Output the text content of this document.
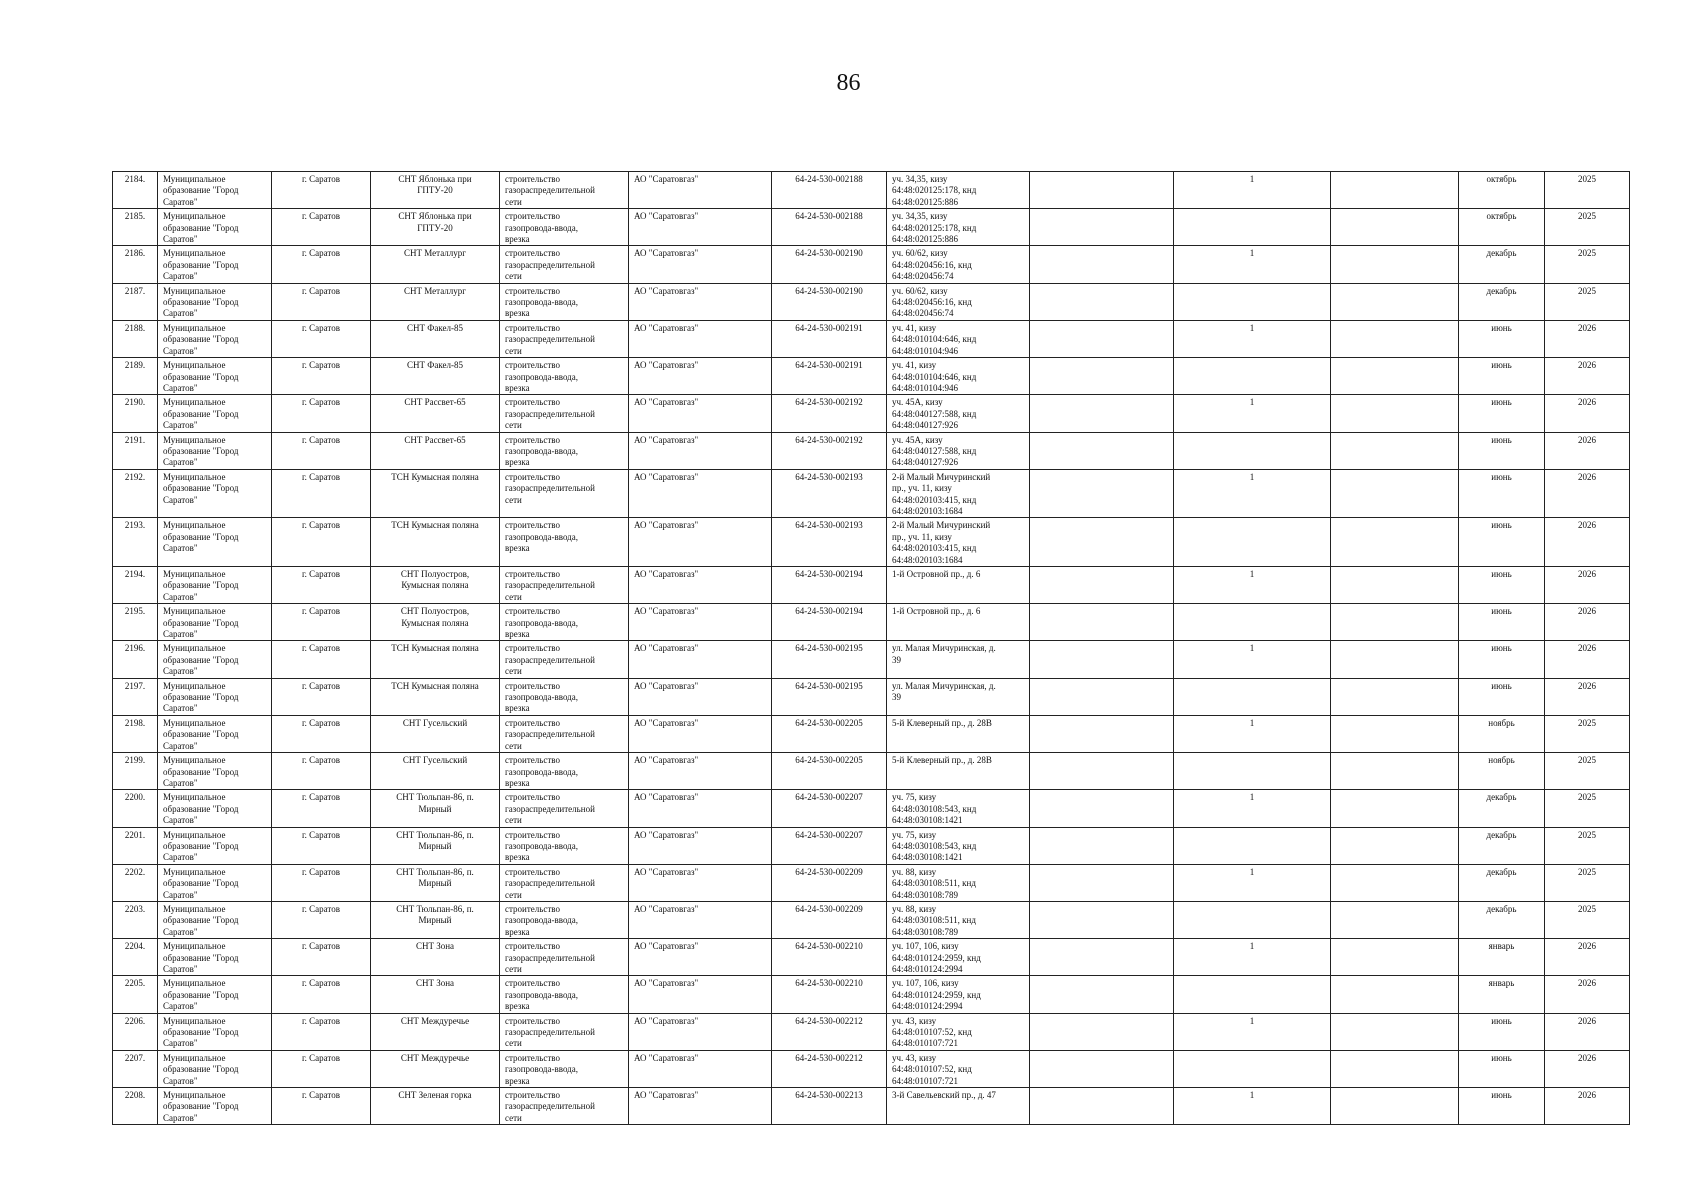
86
2184.	Муниципальное
образование "Город
Саратов"	г. Саратов	СНТ Яблонька при
ГПТУ-20	строительство
газораспределительной
сети	АО "Саратовгаз"	64-24-530-002188	уч. 34,35, кизу
64:48:020125:178, кнд
64:48:020125:886		1		октябрь	2025
2185.	Муниципальное
образование "Город
Саратов"	г. Саратов	СНТ Яблонька при
ГПТУ-20	строительство
газопровода-ввода,
врезка	АО "Саратовгаз"	64-24-530-002188	уч. 34,35, кизу
64:48:020125:178, кнд
64:48:020125:886				октябрь	2025
2186.	Муниципальное
образование "Город
Саратов"	г. Саратов	СНТ Металлург	строительство
газораспределительной
сети	АО "Саратовгаз"	64-24-530-002190	уч. 60/62, кизу
64:48:020456:16, кнд
64:48:020456:74		1		декабрь	2025
2187.	Муниципальное
образование "Город
Саратов"	г. Саратов	СНТ Металлург	строительство
газопровода-ввода,
врезка	АО "Саратовгаз"	64-24-530-002190	уч. 60/62, кизу
64:48:020456:16, кнд
64:48:020456:74				декабрь	2025
2188.	Муниципальное
образование "Город
Саратов"	г. Саратов	СНТ Факел-85	строительство
газораспределительной
сети	АО "Саратовгаз"	64-24-530-002191	уч. 41, кизу
64:48:010104:646, кнд
64:48:010104:946		1		июнь	2026
2189.	Муниципальное
образование "Город
Саратов"	г. Саратов	СНТ Факел-85	строительство
газопровода-ввода,
врезка	АО "Саратовгаз"	64-24-530-002191	уч. 41, кизу
64:48:010104:646, кнд
64:48:010104:946				июнь	2026
2190.	Муниципальное
образование "Город
Саратов"	г. Саратов	СНТ Рассвет-65	строительство
газораспределительной
сети	АО "Саратовгаз"	64-24-530-002192	уч. 45А, кизу
64:48:040127:588, кнд
64:48:040127:926		1		июнь	2026
2191.	Муниципальное
образование "Город
Саратов"	г. Саратов	СНТ Рассвет-65	строительство
газопровода-ввода,
врезка	АО "Саратовгаз"	64-24-530-002192	уч. 45А, кизу
64:48:040127:588, кнд
64:48:040127:926				июнь	2026
2192.	Муниципальное
образование "Город
Саратов"	г. Саратов	ТСН Кумысная поляна	строительство
газораспределительной
сети	АО "Саратовгаз"	64-24-530-002193	2-й Малый Мичуринский
пр., уч. 11, кизу
64:48:020103:415, кнд
64:48:020103:1684		1		июнь	2026
2193.	Муниципальное
образование "Город
Саратов"	г. Саратов	ТСН Кумысная поляна	строительство
газопровода-ввода,
врезка	АО "Саратовгаз"	64-24-530-002193	2-й Малый Мичуринский
пр., уч. 11, кизу
64:48:020103:415, кнд
64:48:020103:1684				июнь	2026
2194.	Муниципальное
образование "Город
Саратов"	г. Саратов	СНТ Полуостров,
Кумысная поляна	строительство
газораспределительной
сети	АО "Саратовгаз"	64-24-530-002194	1-й Островной пр., д. 6		1		июнь	2026
2195.	Муниципальное
образование "Город
Саратов"	г. Саратов	СНТ Полуостров,
Кумысная поляна	строительство
газопровода-ввода,
врезка	АО "Саратовгаз"	64-24-530-002194	1-й Островной пр., д. 6				июнь	2026
2196.	Муниципальное
образование "Город
Саратов"	г. Саратов	ТСН Кумысная поляна	строительство
газораспределительной
сети	АО "Саратовгаз"	64-24-530-002195	ул. Малая Мичуринская, д.
39		1		июнь	2026
2197.	Муниципальное
образование "Город
Саратов"	г. Саратов	ТСН Кумысная поляна	строительство
газопровода-ввода,
врезка	АО "Саратовгаз"	64-24-530-002195	ул. Малая Мичуринская, д.
39				июнь	2026
2198.	Муниципальное
образование "Город
Саратов"	г. Саратов	СНТ Гусельский	строительство
газораспределительной
сети	АО "Саратовгаз"	64-24-530-002205	5-й Клеверный пр., д. 28В		1		ноябрь	2025
2199.	Муниципальное
образование "Город
Саратов"	г. Саратов	СНТ Гусельский	строительство
газопровода-ввода,
врезка	АО "Саратовгаз"	64-24-530-002205	5-й Клеверный пр., д. 28В				ноябрь	2025
2200.	Муниципальное
образование "Город
Саратов"	г. Саратов	СНТ Тюльпан-86, п.
Мирный	строительство
газораспределительной
сети	АО "Саратовгаз"	64-24-530-002207	уч. 75, кизу
64:48:030108:543, кнд
64:48:030108:1421		1		декабрь	2025
2201.	Муниципальное
образование "Город
Саратов"	г. Саратов	СНТ Тюльпан-86, п.
Мирный	строительство
газопровода-ввода,
врезка	АО "Саратовгаз"	64-24-530-002207	уч. 75, кизу
64:48:030108:543, кнд
64:48:030108:1421				декабрь	2025
2202.	Муниципальное
образование "Город
Саратов"	г. Саратов	СНТ Тюльпан-86, п.
Мирный	строительство
газораспределительной
сети	АО "Саратовгаз"	64-24-530-002209	уч. 88, кизу
64:48:030108:511, кнд
64:48:030108:789		1		декабрь	2025
2203.	Муниципальное
образование "Город
Саратов"	г. Саратов	СНТ Тюльпан-86, п.
Мирный	строительство
газопровода-ввода,
врезка	АО "Саратовгаз"	64-24-530-002209	уч. 88, кизу
64:48:030108:511, кнд
64:48:030108:789				декабрь	2025
2204.	Муниципальное
образование "Город
Саратов"	г. Саратов	СНТ Зона	строительство
газораспределительной
сети	АО "Саратовгаз"	64-24-530-002210	уч. 107, 106, кизу
64:48:010124:2959, кнд
64:48:010124:2994		1		январь	2026
2205.	Муниципальное
образование "Город
Саратов"	г. Саратов	СНТ Зона	строительство
газопровода-ввода,
врезка	АО "Саратовгаз"	64-24-530-002210	уч. 107, 106, кизу
64:48:010124:2959, кнд
64:48:010124:2994				январь	2026
2206.	Муниципальное
образование "Город
Саратов"	г. Саратов	СНТ Междуречье	строительство
газораспределительной
сети	АО "Саратовгаз"	64-24-530-002212	уч. 43, кизу
64:48:010107:52, кнд
64:48:010107:721		1		июнь	2026
2207.	Муниципальное
образование "Город
Саратов"	г. Саратов	СНТ Междуречье	строительство
газопровода-ввода,
врезка	АО "Саратовгаз"	64-24-530-002212	уч. 43, кизу
64:48:010107:52, кнд
64:48:010107:721				июнь	2026
2208.	Муниципальное
образование "Город
Саратов"	г. Саратов	СНТ Зеленая горка	строительство
газораспределительной
сети	АО "Саратовгаз"	64-24-530-002213	3-й Савельевский пр., д. 47		1		июнь	2026
